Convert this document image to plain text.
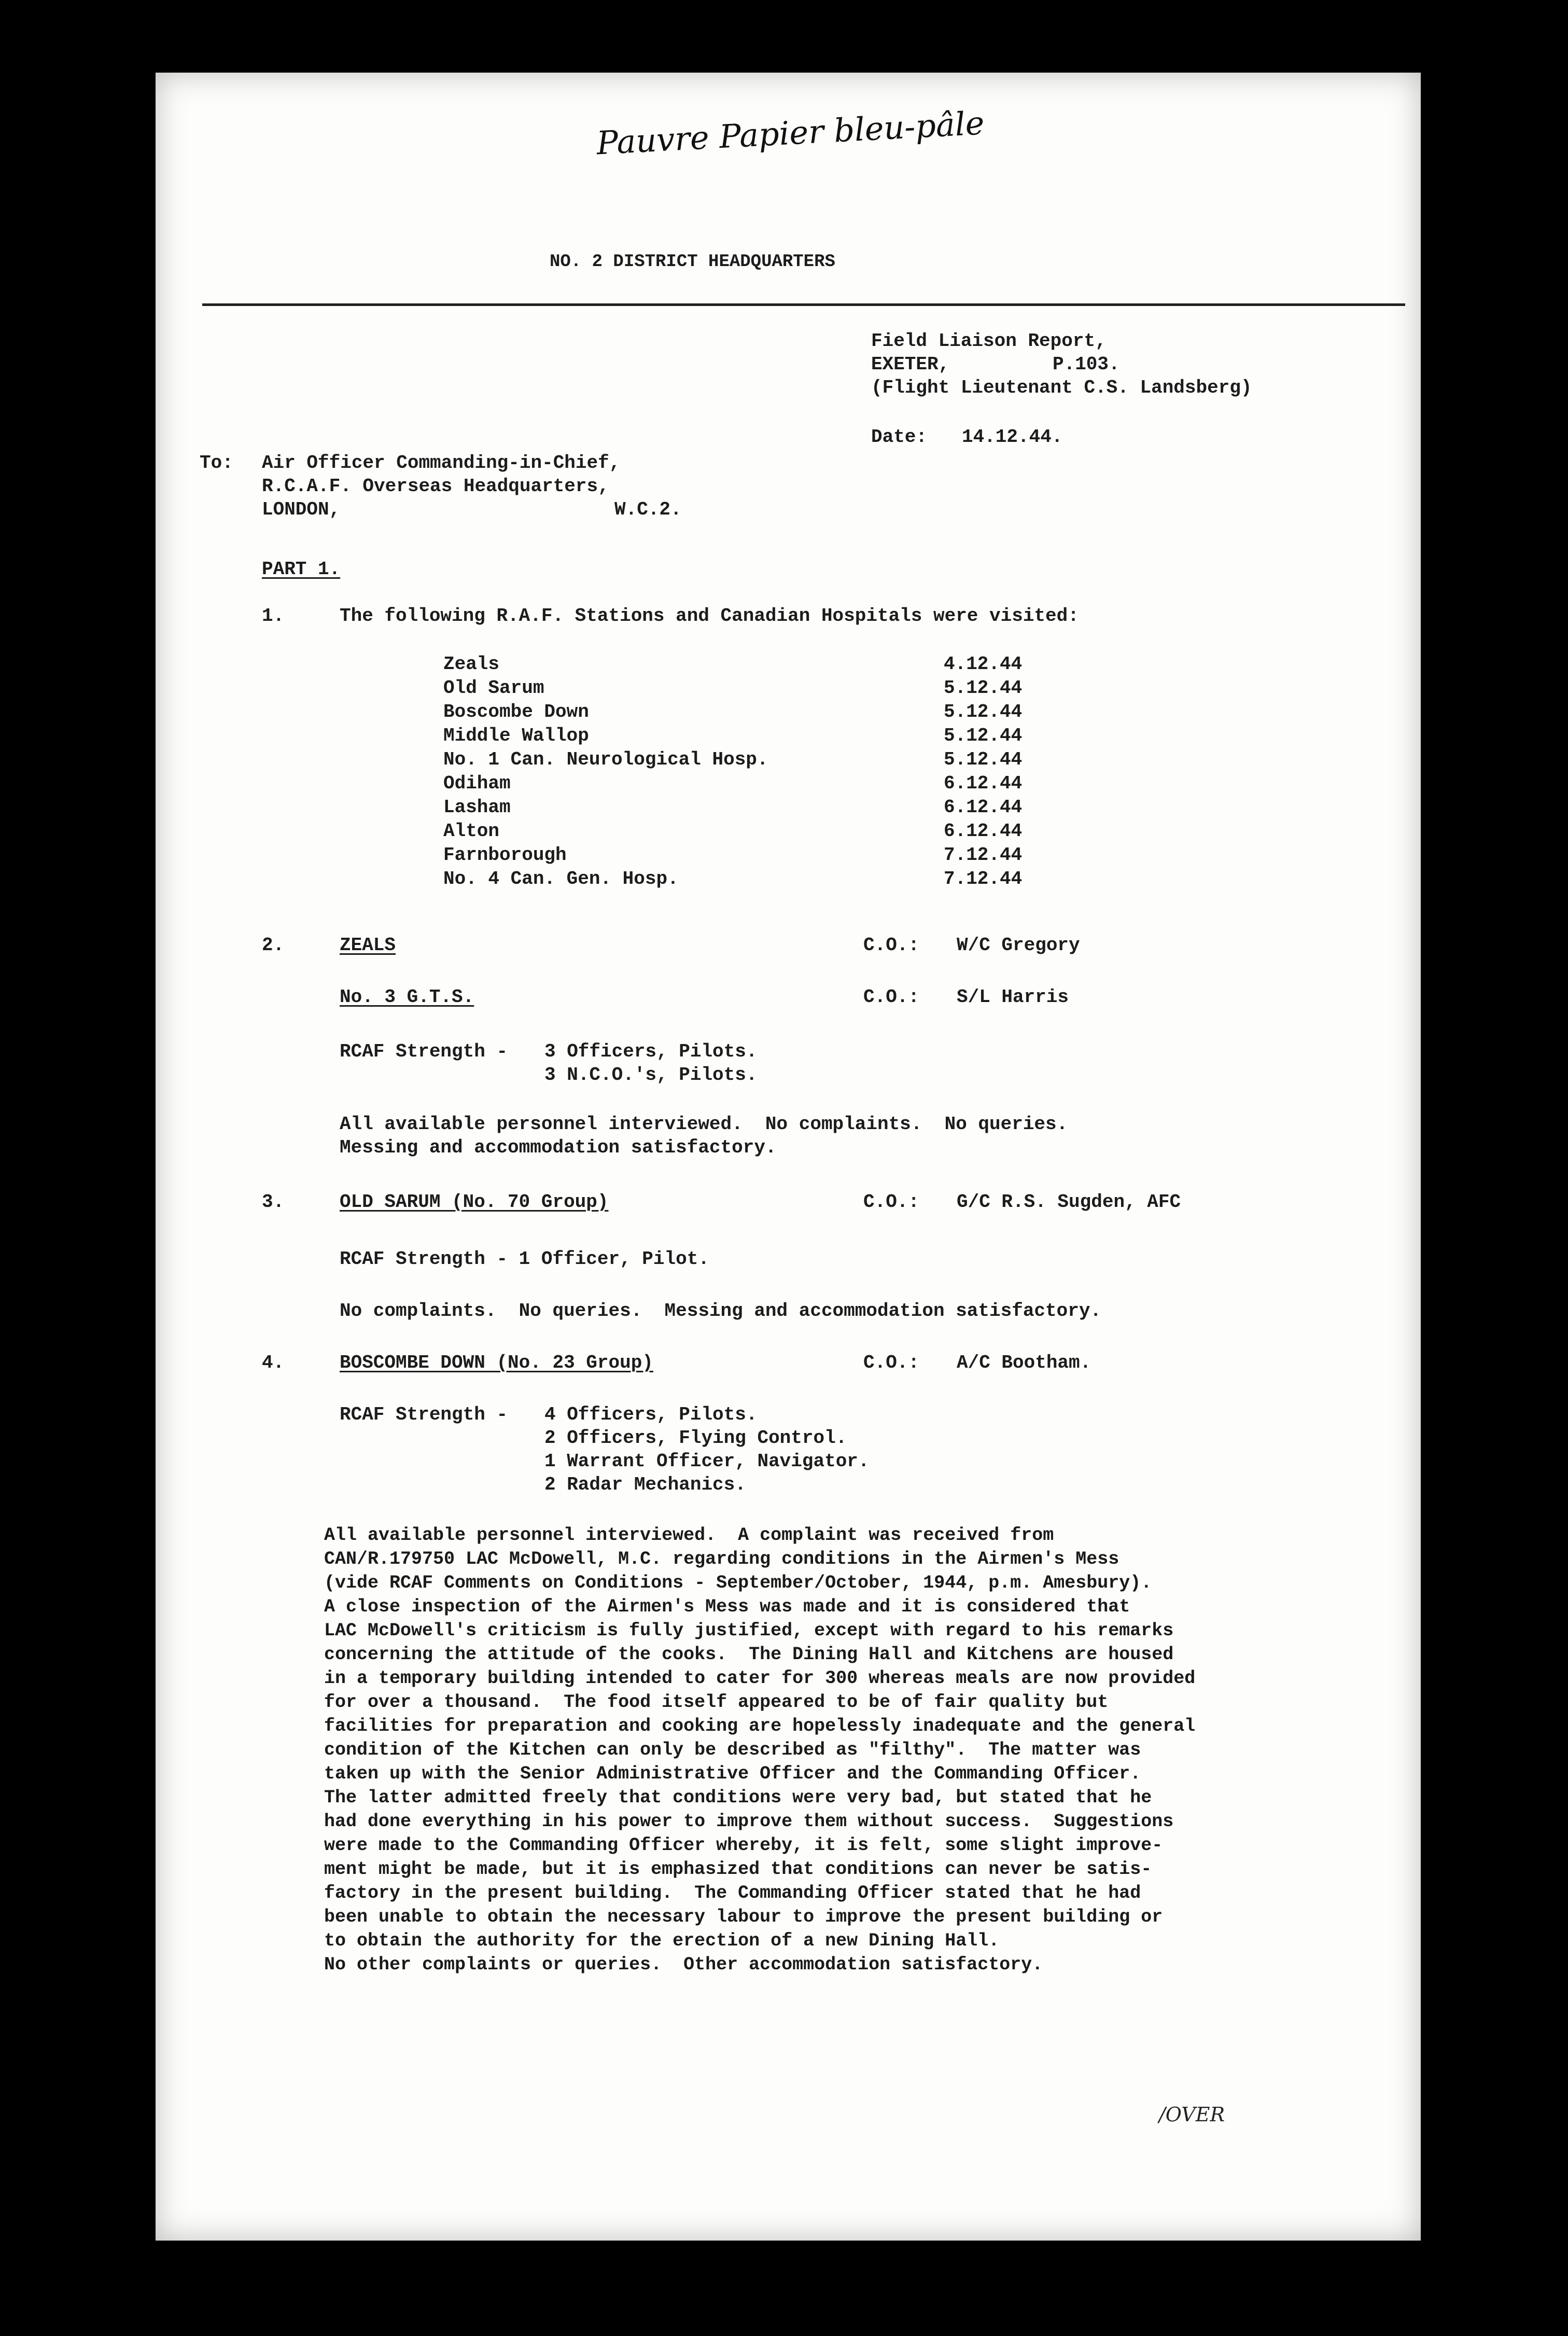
Pauvre Papier bleu-pâle
NO. 2 DISTRICT HEADQUARTERS
Field Liaison Report,
EXETER,	P.103.
(Flight Lieutenant C.S. Landsberg)
Date: 14.12.44.
To: Air Officer Commanding-in-Chief,
R.C.A.F. Overseas Headquarters,
LONDON,	W.C.2.
PART 1.
1.	The following R.A.F. Stations and Canadian Hospitals were visited:
Zeals	4.12.44
Old Sarum	5.12.44
Boscombe Down	5.12.44
Middle Wallop	5.12.44
No. 1 Can. Neurological Hosp.	5.12.44
Odiham	6.12.44
Lasham	6.12.44
Alton	6.12.44
Farnborough	7.12.44
No. 4 Can. Gen. Hosp.	7.12.44
2.	ZEALS	C.O.: W/C Gregory
No. 3 G.T.S.	C.O.: S/L Harris
RCAF Strength - 3 Officers, Pilots.
3 N.C.O.'s, Pilots.
All available personnel interviewed.  No complaints.  No queries.
Messing and accommodation satisfactory.
3.	OLD SARUM (No. 70 Group)	C.O.: G/C R.S. Sugden, AFC
RCAF Strength - 1 Officer, Pilot.
No complaints.  No queries.  Messing and accommodation satisfactory.
4.	BOSCOMBE DOWN (No. 23 Group)	C.O.: A/C Bootham.
RCAF Strength - 4 Officers, Pilots.
2 Officers, Flying Control.
1 Warrant Officer, Navigator.
2 Radar Mechanics.
All available personnel interviewed.  A complaint was received from
CAN/R.179750 LAC McDowell, M.C. regarding conditions in the Airmen's Mess
(vide RCAF Comments on Conditions - September/October, 1944, p.m. Amesbury).
A close inspection of the Airmen's Mess was made and it is considered that
LAC McDowell's criticism is fully justified, except with regard to his remarks
concerning the attitude of the cooks.  The Dining Hall and Kitchens are housed
in a temporary building intended to cater for 300 whereas meals are now provided
for over a thousand.  The food itself appeared to be of fair quality but
facilities for preparation and cooking are hopelessly inadequate and the general
condition of the Kitchen can only be described as "filthy".  The matter was
taken up with the Senior Administrative Officer and the Commanding Officer.
The latter admitted freely that conditions were very bad, but stated that he
had done everything in his power to improve them without success.  Suggestions
were made to the Commanding Officer whereby, it is felt, some slight improve-
ment might be made, but it is emphasized that conditions can never be satis-
factory in the present building.  The Commanding Officer stated that he had
been unable to obtain the necessary labour to improve the present building or
to obtain the authority for the erection of a new Dining Hall.
No other complaints or queries.  Other accommodation satisfactory.
/OVER
